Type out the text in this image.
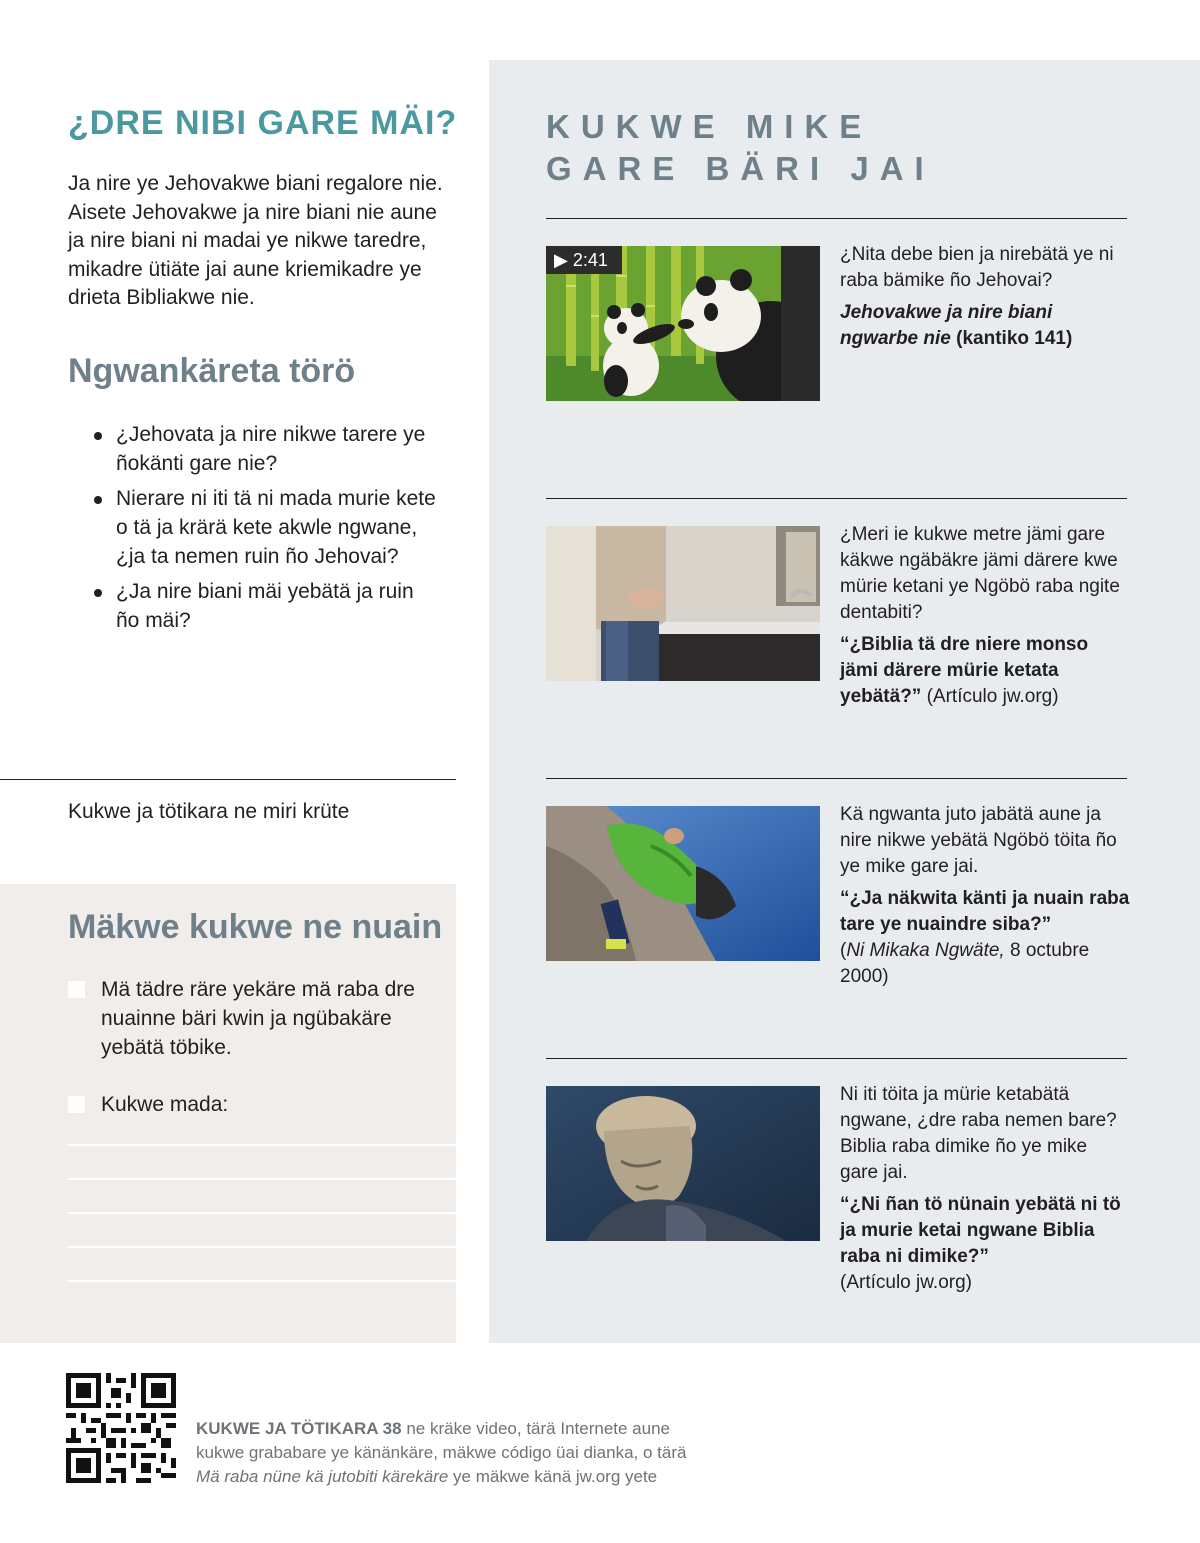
¿DRE NIBI GARE MÄI?

Ja nire ye Jehovakwe biani regalore nie. Aisete Jehovakwe ja nire biani nie aune ja nire biani ni madai ye nikwe taredre, mikadre ütiäte jai aune kriemikadre ye drieta Bibliakwe nie.

Ngwankäreta törö
¿Jehovata ja nire nikwe tarere ye ñokänti gare nie?
Nierare ni iti tä ni mada murie kete o tä ja krärä kete akwle ngwane, ¿ja ta nemen ruin ño Jehovai?
¿Ja nire biani mäi yebätä ja ruin ño mäi?
Kukwe ja tötikara ne miri krüte
Mäkwe kukwe ne nuain
Mä tädre räre yekäre mä raba dre nuainne bäri kwin ja ngübakäre yebätä töbike.
Kukwe mada:
KUKWE MIKE
GARE BÄRI JAI
▶ 2:41	¿Nita debe bien ja nirebätä ye ni raba bämike ño Jehovai?

Jehovakwe ja nire biani ngwarbe nie (kantiko 141)

¿Meri ie kukwe metre jämi gare käkwe ngäbäkre jämi därere kwe mürie ketani ye Ngöbö raba ngite dentabiti?

“¿Biblia tä dre niere monso jämi därere mürie ketata yebätä?” (Artículo jw.org)

Kä ngwanta juto jabätä aune ja nire nikwe yebätä Ngöbö töita ño ye mike gare jai.

“¿Ja näkwita känti ja nuain raba tare ye nuaindre siba?”

(Ni Mikaka Ngwäte, 8 octubre 2000)

Ni iti töita ja mürie ketabätä ngwane, ¿dre raba nemen bare? Biblia raba dimike ño ye mike gare jai.

“¿Ni ñan tö nünain yebätä ni tö ja murie ketai ngwane Biblia raba ni dimike?”

(Artículo jw.org)

KUKWE JA TÖTIKARA 38 ne kräke video, tärä Internete aune

kukwe grababare ye känänkäre, mäkwe código üai dianka, o tärä

Mä raba nüne kä jutobiti kärekäre ye mäkwe känä jw.org yete
